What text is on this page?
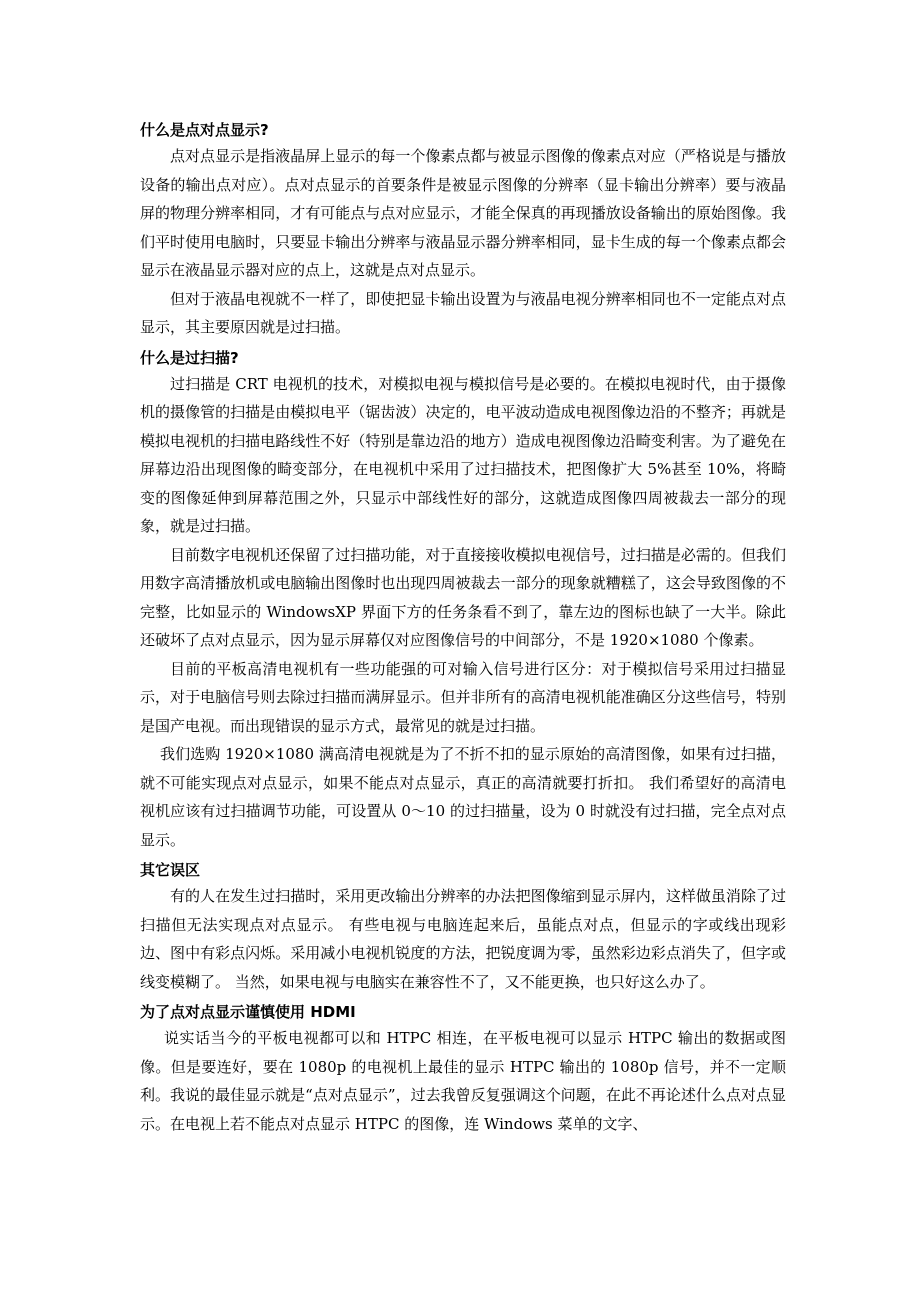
什么是点对点显示?

点对点显示是指液晶屏上显示的每一个像素点都与被显示图像的像素点对应（严格说是与播放设备的输出点对应）。点对点显示的首要条件是被显示图像的分辨率（显卡输出分辨率）要与液晶屏的物理分辨率相同，才有可能点与点对应显示，才能全保真的再现播放设备输出的原始图像。我们平时使用电脑时，只要显卡输出分辨率与液晶显示器分辨率相同，显卡生成的每一个像素点都会显示在液晶显示器对应的点上，这就是点对点显示。

但对于液晶电视就不一样了，即使把显卡输出设置为与液晶电视分辨率相同也不一定能点对点显示，其主要原因就是过扫描。

什么是过扫描?

过扫描是 CRT 电视机的技术，对模拟电视与模拟信号是必要的。在模拟电视时代，由于摄像机的摄像管的扫描是由模拟电平（锯齿波）决定的，电平波动造成电视图像边沿的不整齐；再就是模拟电视机的扫描电路线性不好（特别是靠边沿的地方）造成电视图像边沿畸变利害。为了避免在屏幕边沿出现图像的畸变部分，在电视机中采用了过扫描技术，把图像扩大 5%甚至 10%，将畸变的图像延伸到屏幕范围之外，只显示中部线性好的部分，这就造成图像四周被裁去一部分的现象，就是过扫描。

目前数字电视机还保留了过扫描功能，对于直接接收模拟电视信号，过扫描是必需的。但我们用数字高清播放机或电脑输出图像时也出现四周被裁去一部分的现象就糟糕了，这会导致图像的不完整，比如显示的 WindowsXP 界面下方的任务条看不到了，靠左边的图标也缺了一大半。除此还破坏了点对点显示，因为显示屏幕仅对应图像信号的中间部分，不是 1920×1080 个像素。

目前的平板高清电视机有一些功能强的可对输入信号进行区分：对于模拟信号采用过扫描显示，对于电脑信号则去除过扫描而满屏显示。但并非所有的高清电视机能准确区分这些信号，特别是国产电视。而出现错误的显示方式，最常见的就是过扫描。

我们选购 1920×1080 满高清电视就是为了不折不扣的显示原始的高清图像，如果有过扫描，就不可能实现点对点显示，如果不能点对点显示，真正的高清就要打折扣。 我们希望好的高清电视机应该有过扫描调节功能，可设置从 0～10 的过扫描量，设为 0 时就没有过扫描，完全点对点显示。

其它误区

有的人在发生过扫描时，采用更改输出分辨率的办法把图像缩到显示屏内，这样做虽消除了过扫描但无法实现点对点显示。 有些电视与电脑连起来后，虽能点对点，但显示的字或线出现彩边、图中有彩点闪烁。采用减小电视机锐度的方法，把锐度调为零，虽然彩边彩点消失了，但字或线变模糊了。 当然，如果电视与电脑实在兼容性不了，又不能更换，也只好这么办了。

为了点对点显示谨慎使用 HDMI

说实话当今的平板电视都可以和 HTPC 相连，在平板电视可以显示 HTPC 输出的数据或图像。但是要连好，要在 1080p 的电视机上最佳的显示 HTPC 输出的 1080p 信号，并不一定顺利。我说的最佳显示就是“点对点显示”，过去我曾反复强调这个问题，在此不再论述什么点对点显示。在电视上若不能点对点显示 HTPC 的图像，连 Windows 菜单的文字、
